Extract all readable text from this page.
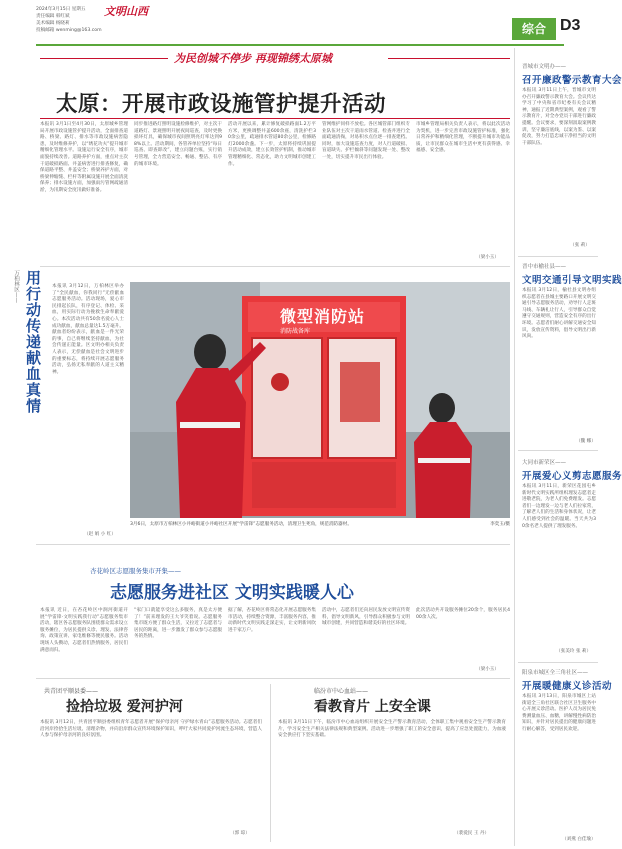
2024年3月15日 星期五
责任编辑 韩红斌
美术编辑 杨晓莉
投稿邮箱 wenming@163.com
文明山西
综合 D3
为民创城不停步 再现锦绣太原城
太原：开展市政设施管护提升活动
本报讯 3月1日至4月30日，太原城乡管理局开展市政设施管护提升活动，全面排查道路、桥梁、路灯、排水等市政设施病害隐患，及时维修养护，以“绣花功夫”提升城市精细化管理水平。设施运行安全有序，城市面貌持续改善。道路养护方面，重点对主次干道破损路面、井盖病害进行排查修复，确保道路平整、井盖安全；桥梁养护方面，对桥梁伸缩缝、栏杆等附属设施开展全面清洗保养；排水设施方面，加强雨污管网疏通清淤，为汛期安全度汛做好准备。
同步推进路灯照明设施检修维护，对主次干道路灯、景观照明开展夜间巡查，及时更换损坏灯具，确保城市夜间照明亮灯率达到98%以上。活动期间，各管养单位坚持“每日巡查、即查即改”，建立问题台账，实行销号管理，全力营造安全、畅通、整洁、有序的城市环境。
活动开展以来，累计修复破损路面1.2万平方米，更换调整井盖600余座，清洗护栏30余公里，疏通排水管道80余公里，检修路灯2000余盏。下一步，太原将持续巩固提升活动成效，建立长效管护机制，推动城市管理精细化、常态化，助力文明城市创建工作。
管网维护同样不放松。各区城管部门组织专业队伍对主次干道雨水管道、检查井进行全面疏通清掏，对易积水点位逐一排查建档。同时，加大设施巡查力度，对人行道破损、盲道缺失、护栏倾斜等问题发现一处、整改一处，切实提升市民出行体验。
市城乡管理局相关负责人表示，将以此次活动为契机，进一步完善市政设施管护标准，强化日常养护和精细化管理，不断提升城市功能品质，让市民群众在城市生活中更有获得感、幸福感、安全感。
（梁小玉）
万柏林区—— 用行动传递献血真情	本报讯 3月12日，万柏林区举办了“全民献血，你我同行”无偿献血志愿服务活动。活动现场，爱心市民排起长队，有序登记、体检、采血，用实际行动为挽救生命奉献爱心。本次活动共有50余名爱心人士成功献血，献血总量达1.5万毫升。献血者纷纷表示，献血是一件光荣的事，自己将继续坚持献血，为社会传递正能量。区文明办相关负责人表示，无偿献血是社会文明进步的重要标志，将持续开展志愿服务活动，弘扬无私奉献的人道主义精神。
（赵 娟 小 红）
微型消防站
消防战备库
3月6日，太原市万柏林区小井峪街道小井峪社区开展“学雷锋”志愿服务活动，清理卫生死角，规范消防器材。	李奕玉/摄
杏花岭区志愿服务集市开集——
志愿服务进社区 文明实践暖人心
本报讯 近日，在杏花岭区中涧河街道开展“学雷锋·文明实践我行动”志愿服务集市活动，辖区各志愿服务队围绕群众需求设立服务摊位，为居民提供义诊、理发、法律咨询、政策宣讲、家电维修等便民服务。活动现场人头攒动，志愿者们热情服务，居民们满意而归。
“家门口就能享受这么多服务，真是太方便了！”前来理发的王大爷笑着说。志愿服务集市既方便了群众生活，又拉近了志愿者与居民的距离，进一步激发了群众参与志愿服务的热情。
据了解，杏花岭区将常态化开展志愿服务集市活动，持续整合资源，丰富服务内容，推动新时代文明实践走深走实，让文明新风吹进千家万户。
活动中，志愿者们还向居民发放文明宣传资料，倡导文明新风，引导群众积极参与文明城市创建，共同营造和谐美好的社区环境。
此次活动共开设服务摊位20余个，服务居民400余人次。
（梁小玉）
共青团平顺县委——
捡拾垃圾 爱河护河
本报讯 3月12日，共青团平顺县委组织青年志愿者开展“保护母亲河 守护绿水青山”志愿服务活动。志愿者们沿河岸捡拾生活垃圾、清理杂物，并向沿岸群众宣传环境保护知识，呼吁大家共同爱护河流生态环境，营造人人参与保护母亲河的良好氛围。
（郭 琼）
临汾市中心血站——
看教育片 上安全课
本报讯 3月11日下午，临汾市中心血站组织开展安全生产警示教育活动，全体职工集中观看安全生产警示教育片，学习安全生产相关法律法规和典型案例。活动进一步增强了职工的安全意识，提高了应急处置能力，为血液安全供应打下坚实基础。
（裴爱民 王 丹）
晋城市文明办——
召开廉政警示教育大会
本报讯 3月11日上午，晋城市文明办召开廉政警示教育大会。会议传达学习了中央和省市纪委有关会议精神，通报了近期典型案例，观看了警示教育片，对全办党员干部进行廉政提醒。会议要求，要深刻汲取案例教训，坚守廉洁底线，以案为鉴、以案促改，努力打造忠诚干净担当的文明干部队伍。
（张 莉）
晋中市榆社县——
文明交通引导文明实践
本报讯 3月12日，榆社县文明办组织志愿者在县城主要路口开展文明交通引导志愿服务活动，劝导行人走斑马线、车辆礼让行人，引导群众自觉遵守交通规则，营造安全有序的出行环境。志愿者们耐心讲解交通安全知识，发放宣传资料，倡导文明出行新风尚。
（魏 娜）
大同市新荣区——
开展爱心义剪志愿服务
本报讯 3月11日，新荣区花园屯乡新时代文明实践所组织理发志愿者走进敬老院，为老人们免费理发。志愿者们一边理发一边与老人们拉家常，了解老人们的生活和身体状况，让老人们感受到社会的温暖。当天共为30余名老人提供了理发服务。
（张美玲 张 莉）
阳泉市城区全三角社区——
开展暖健康义诊活动
本报讯 3月13日，阳泉市城区上站街道全三角社区联合社区卫生服务中心开展义诊活动。医护人员为居民免费测量血压、血糖，讲解慢性病防治知识，并针对居民提出的健康问题进行耐心解答，受到居民欢迎。
（刘燕 白佳瑜）
